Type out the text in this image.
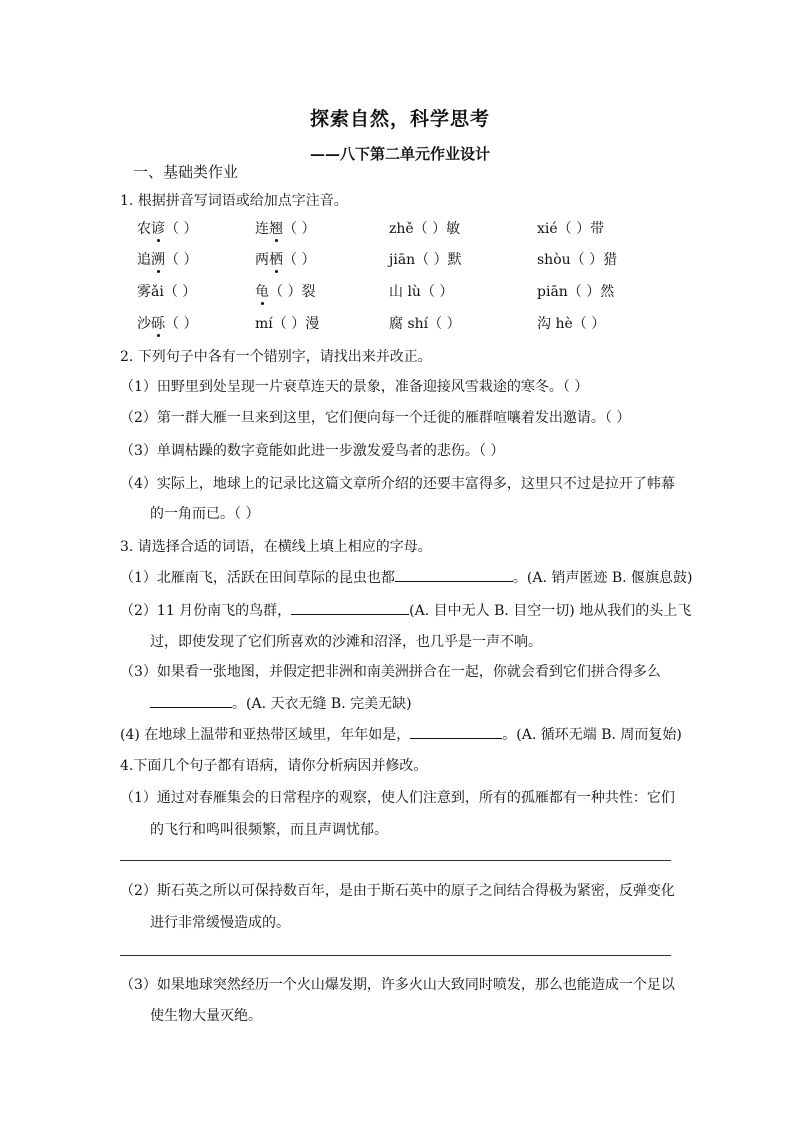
探索自然，科学思考
——八下第二单元作业设计
一、基础类作业
1. 根据拼音写词语或给加点字注音。
农谚（ ）	连翘（ ）	zhě（ ）敏	xié（ ）带
追溯（ ）	两栖（ ）	jiān（ ）默	shòu（ ）猎
雾ǎi（ ）	龟（ ）裂	山 lù（ ）	piān（ ）然
沙砾（ ）	mí（ ）漫	腐 shí（ ）	沟 hè（ ）
2. 下列句子中各有一个错别字，请找出来并改正。
（1）田野里到处呈现一片衰草连天的景象，准备迎接风雪栽途的寒冬。（ ）
（2）第一群大雁一旦来到这里，它们便向每一个迁徙的雁群喧嚷着发出邀请。（ ）
（3）单调枯躁的数字竟能如此进一步激发爱鸟者的悲伤。（ ）
（4）实际上，地球上的记录比这篇文章所介绍的还要丰富得多，这里只不过是拉开了帏幕
的一角而已。（ ）
3. 请选择合适的词语，在横线上填上相应的字母。
（1）北雁南飞，活跃在田间草际的昆虫也都	。(A. 销声匿迹 B. 偃旗息鼓)
（2）11 月份南飞的鸟群，	(A. 目中无人 B. 目空一切) 地从我们的头上飞
过，即使发现了它们所喜欢的沙滩和沼泽，也几乎是一声不响。
（3）如果看一张地图，并假定把非洲和南美洲拼合在一起，你就会看到它们拼合得多么
。(A. 天衣无缝 B. 完美无缺)
(4) 在地球上温带和亚热带区域里，年年如是，	。(A. 循环无端 B. 周而复始)
4.下面几个句子都有语病，请你分析病因并修改。
（1）通过对春雁集会的日常程序的观察，使人们注意到，所有的孤雁都有一种共性：它们
的飞行和鸣叫很频繁，而且声调忧郁。
（2）斯石英之所以可保持数百年，是由于斯石英中的原子之间结合得极为紧密，反弹变化
进行非常缓慢造成的。
（3）如果地球突然经历一个火山爆发期，许多火山大致同时喷发，那么也能造成一个足以
使生物大量灭绝。
